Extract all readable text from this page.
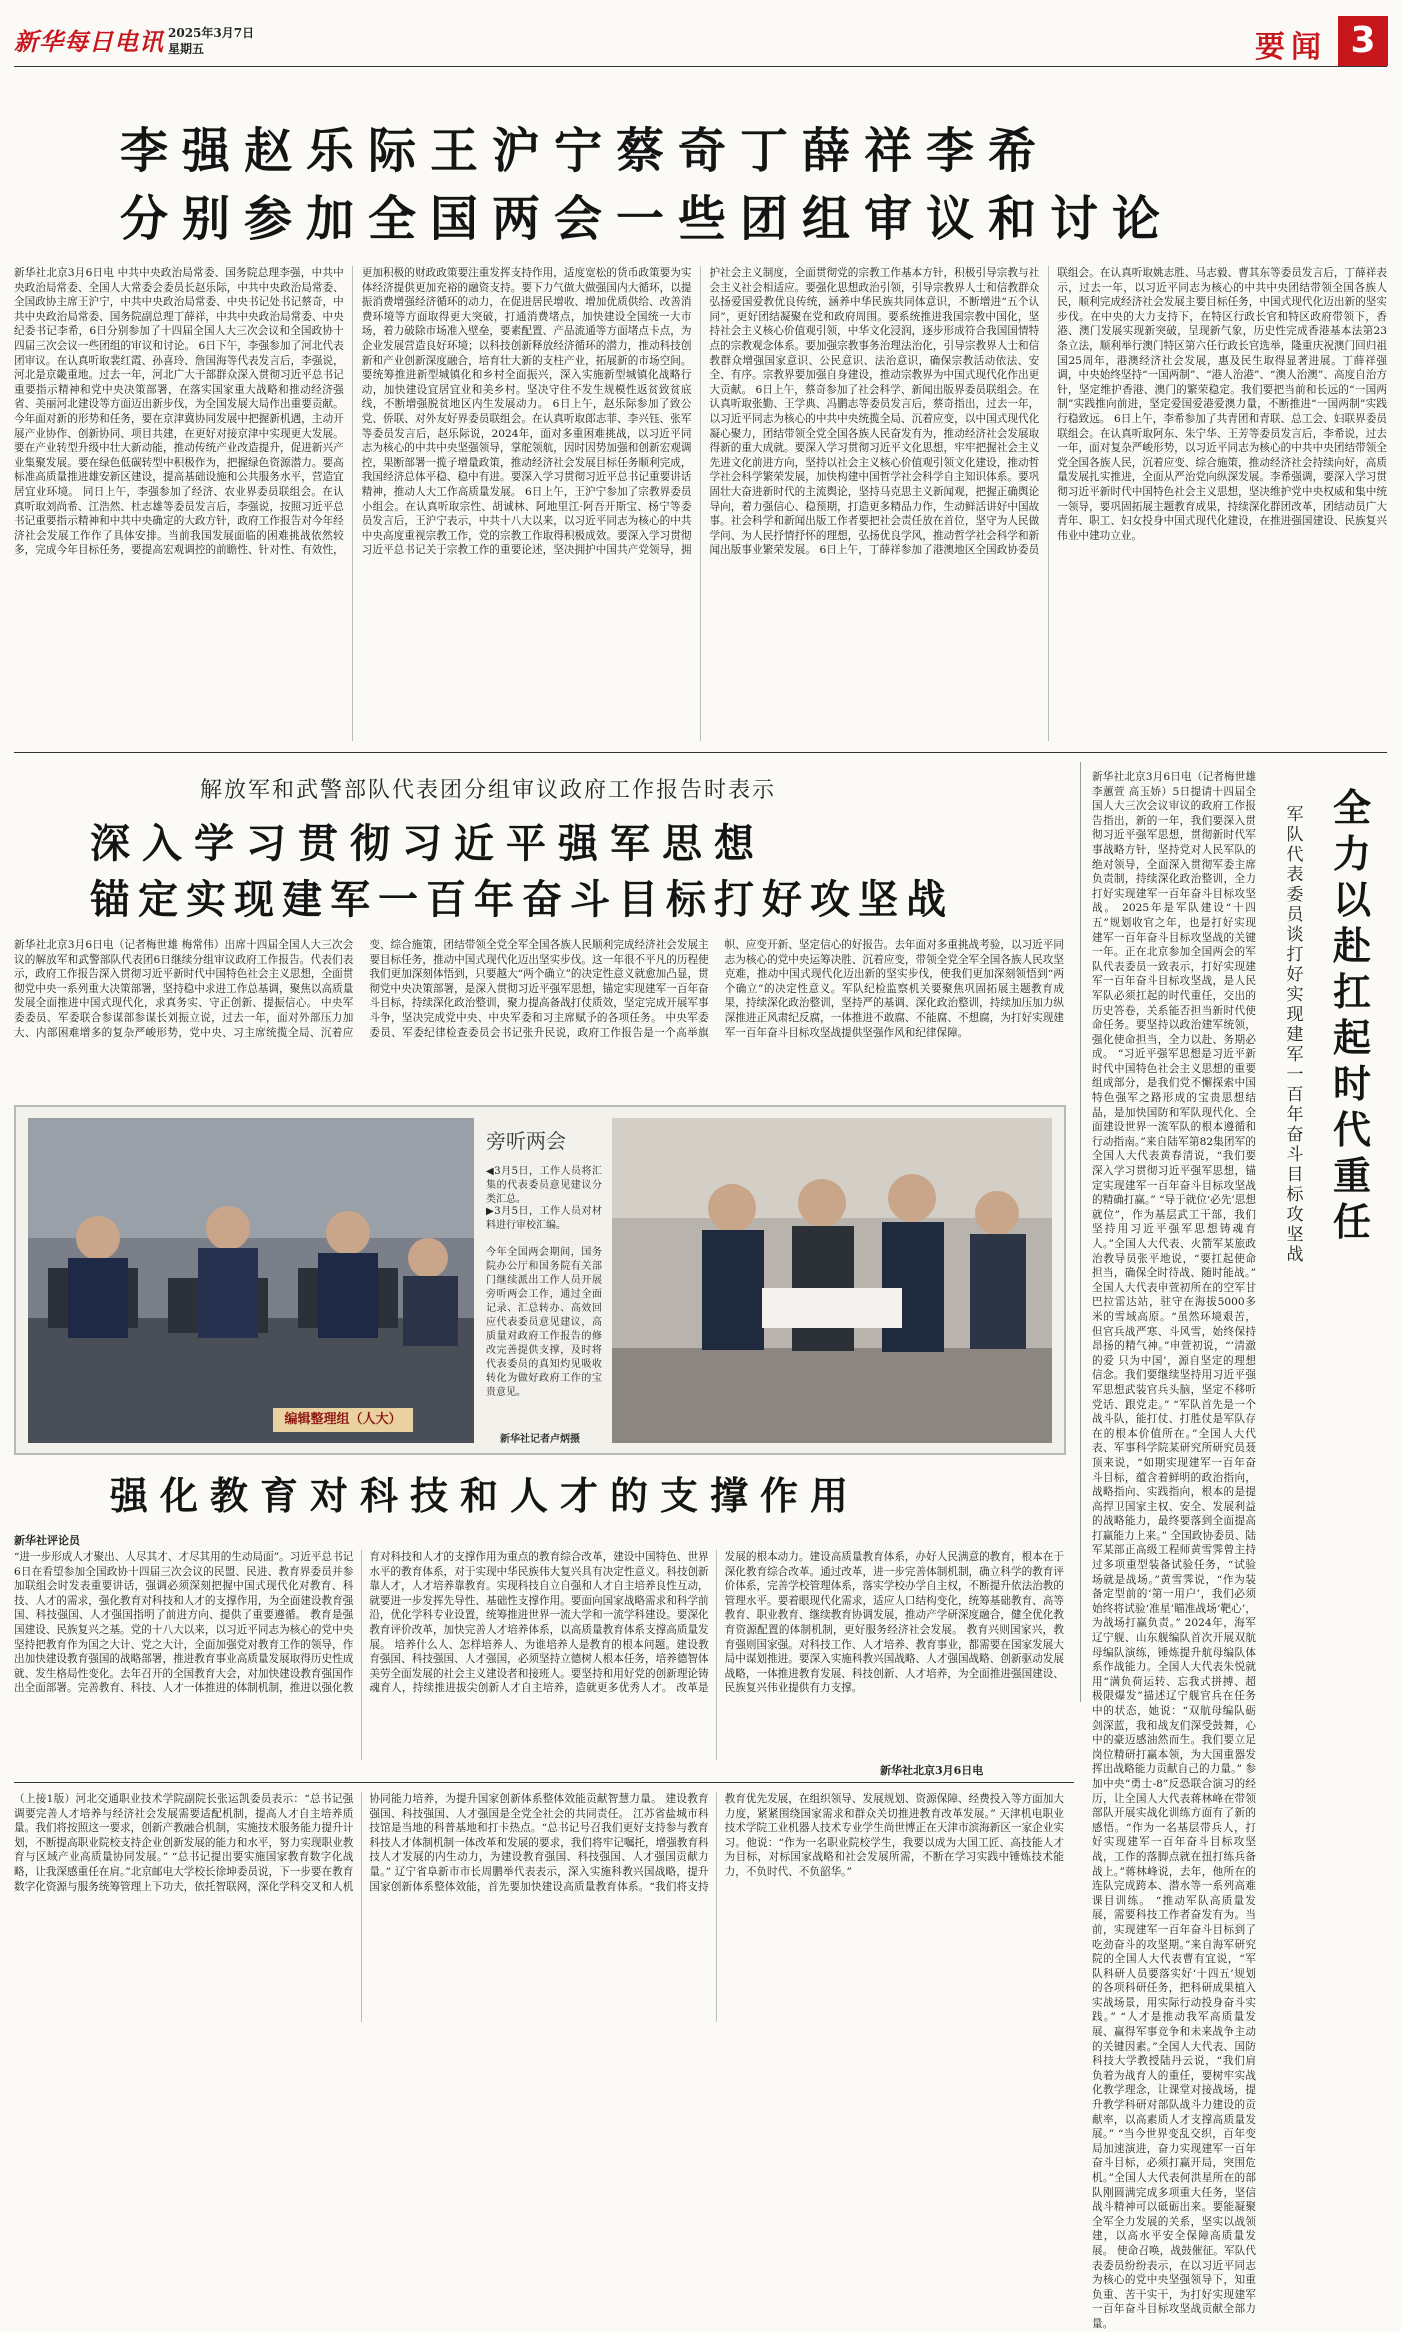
新华每日电讯 2025年3月7日
星期五	要闻 3
李强赵乐际王沪宁蔡奇丁薛祥李希
分别参加全国两会一些团组审议和讨论
新华社北京3月6日电 中共中央政治局常委、国务院总理李强，中共中央政治局常委、全国人大常委会委员长赵乐际，中共中央政治局常委、全国政协主席王沪宁，中共中央政治局常委、中央书记处书记蔡奇，中共中央政治局常委、国务院副总理丁薛祥，中共中央政治局常委、中央纪委书记李希，6日分别参加了十四届全国人大三次会议和全国政协十四届三次会议一些团组的审议和讨论。 6日下午，李强参加了河北代表团审议。在认真听取裴红霞、孙喜玲、詹国海等代表发言后，李强说，河北是京畿重地。过去一年，河北广大干部群众深入贯彻习近平总书记重要指示精神和党中央决策部署，在落实国家重大战略和推动经济强省、美丽河北建设等方面迈出新步伐，为全国发展大局作出重要贡献。今年面对新的形势和任务，要在京津冀协同发展中把握新机遇，主动开展产业协作、创新协同、项目共建，在更好对接京津中实现更大发展。要在产业转型升级中壮大新动能，推动传统产业改造提升，促进新兴产业集聚发展。要在绿色低碳转型中积极作为，把握绿色资源潜力。要高标准高质量推进雄安新区建设，提高基础设施和公共服务水平，营造宜居宜业环境。 同日上午，李强参加了经济、农业界委员联组会。在认真听取刘尚希、江浩然、杜志雄等委员发言后，李强说，按照习近平总书记重要指示精神和中共中央确定的大政方针，政府工作报告对今年经济社会发展工作作了具体安排。当前我国发展面临的困难挑战依然较多，完成今年目标任务，要提高宏观调控的前瞻性、针对性、有效性，更加积极的财政政策要注重发挥支持作用，适度宽松的货币政策要为实体经济提供更加充裕的融资支持。要下力气做大做强国内大循环，以提振消费增强经济循环的动力，在促进居民增收、增加优质供给、改善消费环境等方面取得更大突破，打通消费堵点，加快建设全国统一大市场，着力破除市场准入壁垒，要素配置、产品流通等方面堵点卡点，为企业发展营造良好环境；以科技创新释放经济循环的潜力，推动科技创新和产业创新深度融合，培育壮大新的支柱产业，拓展新的市场空间。要统筹推进新型城镇化和乡村全面振兴，深入实施新型城镇化战略行动，加快建设宜居宜业和美乡村。坚决守住不发生规模性返贫致贫底线，不断增强脱贫地区内生发展动力。 6日上午，赵乐际参加了致公党、侨联、对外友好界委员联组会。在认真听取郎志菲、李兴钰、张军等委员发言后，赵乐际说，2024年，面对多重困难挑战，以习近平同志为核心的中共中央坚强领导，掌舵领航，因时因势加强和创新宏观调控，果断部署一揽子增量政策，推动经济社会发展目标任务顺利完成，我国经济总体平稳、稳中有进。要深入学习贯彻习近平总书记重要讲话精神，推动人大工作高质量发展。 6日上午，王沪宁参加了宗教界委员小组会。在认真听取宗性、胡诚林、阿地里江·阿吾开斯宝、杨宁等委员发言后，王沪宁表示，中共十八大以来，以习近平同志为核心的中共中央高度重视宗教工作，党的宗教工作取得积极成效。要深入学习贯彻习近平总书记关于宗教工作的重要论述，坚决拥护中国共产党领导，拥护社会主义制度，全面贯彻党的宗教工作基本方针，积极引导宗教与社会主义社会相适应。要强化思想政治引领，引导宗教界人士和信教群众弘扬爱国爱教优良传统，涵养中华民族共同体意识，不断增进“五个认同”，更好团结凝聚在党和政府周围。要系统推进我国宗教中国化，坚持社会主义核心价值观引领，中华文化浸润，逐步形成符合我国国情特点的宗教观念体系。要加强宗教事务治理法治化，引导宗教界人士和信教群众增强国家意识、公民意识、法治意识，确保宗教活动依法、安全、有序。宗教界要加强自身建设，推动宗教界为中国式现代化作出更大贡献。 6日上午，蔡奇参加了社会科学、新闻出版界委员联组会。在认真听取张勤、王学典、冯鹏志等委员发言后，蔡奇指出，过去一年，以习近平同志为核心的中共中央统揽全局、沉着应变，以中国式现代化凝心聚力，团结带领全党全国各族人民奋发有为，推动经济社会发展取得新的重大成就。要深入学习贯彻习近平文化思想，牢牢把握社会主义先进文化前进方向，坚持以社会主义核心价值观引领文化建设，推动哲学社会科学繁荣发展，加快构建中国哲学社会科学自主知识体系。要巩固壮大奋进新时代的主流舆论，坚持马克思主义新闻观，把握正确舆论导向，着力强信心、稳预期，打造更多精品力作，生动鲜活讲好中国故事。社会科学和新闻出版工作者要把社会责任放在首位，坚守为人民做学问、为人民抒情抒怀的理想，弘扬优良学风，推动哲学社会科学和新闻出版事业繁荣发展。 6日上午，丁薛祥参加了港澳地区全国政协委员联组会。在认真听取姚志胜、马志毅、曹其东等委员发言后，丁薛祥表示，过去一年，以习近平同志为核心的中共中央团结带领全国各族人民，顺利完成经济社会发展主要目标任务，中国式现代化迈出新的坚实步伐。在中央的大力支持下，在特区行政长官和特区政府带领下，香港、澳门发展实现新突破，呈现新气象，历史性完成香港基本法第23条立法，顺利举行澳门特区第六任行政长官选举，隆重庆祝澳门回归祖国25周年，港澳经济社会发展，惠及民生取得显著进展。丁薛祥强调，中央始终坚持“一国两制”、“港人治港”、“澳人治澳”、高度自治方针，坚定维护香港、澳门的繁荣稳定。我们要把当前和长远的“一国两制”实践推向前进，坚定爱国爱港爱澳力量，不断推进“一国两制”实践行稳致远。 6日上午，李希参加了共青团和青联、总工会、妇联界委员联组会。在认真听取阿东、朱宁华、王芳等委员发言后，李希说，过去一年，面对复杂严峻形势，以习近平同志为核心的中共中央团结带领全党全国各族人民，沉着应变、综合施策，推动经济社会持续向好，高质量发展扎实推进，全面从严治党向纵深发展。李希强调，要深入学习贯彻习近平新时代中国特色社会主义思想，坚决维护党中央权威和集中统一领导，要巩固拓展主题教育成果，持续深化群团改革，团结动员广大青年、职工、妇女投身中国式现代化建设，在推进强国建设、民族复兴伟业中建功立业。
解放军和武警部队代表团分组审议政府工作报告时表示
深入学习贯彻习近平强军思想
锚定实现建军一百年奋斗目标打好攻坚战
新华社北京3月6日电（记者梅世雄 梅常伟）出席十四届全国人大三次会议的解放军和武警部队代表团6日继续分组审议政府工作报告。代表们表示，政府工作报告深入贯彻习近平新时代中国特色社会主义思想，全面贯彻党中央一系列重大决策部署，坚持稳中求进工作总基调，聚焦以高质量发展全面推进中国式现代化，求真务实、守正创新、提振信心。 中央军委委员、军委联合参谋部参谋长刘振立说，过去一年，面对外部压力加大、内部困难增多的复杂严峻形势，党中央、习主席统揽全局、沉着应变、综合施策，团结带领全党全军全国各族人民顺利完成经济社会发展主要目标任务，推动中国式现代化迈出坚实步伐。这一年很不平凡的历程使我们更加深刻体悟到，只要越大“两个确立”的决定性意义就愈加凸显，贯彻党中央决策部署，是深入贯彻习近平强军思想，锚定实现建军一百年奋斗目标，持续深化政治整训，聚力提高备战打仗质效，坚定完成开展军事斗争，坚决完成党中央、中央军委和习主席赋予的各项任务。 中央军委委员、军委纪律检查委员会书记张升民说，政府工作报告是一个高举旗帜、应变开新、坚定信心的好报告。去年面对多重挑战考验，以习近平同志为核心的党中央运筹决胜、沉着应变，带领全党全军全国各族人民攻坚克难，推动中国式现代化迈出新的坚实步伐，使我们更加深刻领悟到“两个确立”的决定性意义。军队纪检监察机关要聚焦巩固拓展主题教育成果，持续深化政治整训，坚持严的基调、深化政治整训，持续加压加力纵深推进正风肃纪反腐，一体推进不敢腐、不能腐、不想腐，为打好实现建军一百年奋斗目标攻坚战提供坚强作风和纪律保障。
新华社北京3月6日电（记者梅世雄 李蕙萱 高玉娇）5日提请十四届全国人大三次会议审议的政府工作报告指出，新的一年，我们要深入贯彻习近平强军思想，贯彻新时代军事战略方针，坚持党对人民军队的绝对领导，全面深入贯彻军委主席负责制，持续深化政治整训，全力打好实现建军一百年奋斗目标攻坚战。 2025年是军队建设“十四五”规划收官之年，也是打好实现建军一百年奋斗目标攻坚战的关键一年。正在北京参加全国两会的军队代表委员一致表示，打好实现建军一百年奋斗目标攻坚战，是人民军队必须扛起的时代重任，交出的历史答卷，关系能否担当新时代使命任务。要坚持以政治建军统领，强化使命担当，全力以赴、务期必成。 “习近平强军思想是习近平新时代中国特色社会主义思想的重要组成部分，是我们党不懈探索中国特色强军之路形成的宝贵思想结晶，是加快国防和军队现代化、全面建设世界一流军队的根本遵循和行动指南。”来自陆军第82集团军的全国人大代表黄春清说，“我们要深入学习贯彻习近平强军思想，锚定实现建军一百年奋斗目标攻坚战的精确打赢。” “导于就位‘必先’思想就位”，作为基层武工干部，我们坚持用习近平强军思想铸魂育人。”全国人大代表、火箭军某旅政治教导员张平地说，“要扛起使命担当，确保全时待战、随时能战。” 全国人大代表申萱初所在的空军甘巴拉雷达站，驻守在海拔5000多米的雪域高原。“虽然环境艰苦，但官兵战严寒、斗风雪，始终保持昂扬的精气神。”申萱初说，“‘清澈的爱 只为中国’，源自坚定的理想信念。我们要继续坚持用习近平强军思想武装官兵头脑，坚定不移听党话、跟党走。” “军队首先是一个战斗队，能打仗、打胜仗是军队存在的根本价值所在。”全国人大代表、军事科学院某研究所研究员聂顶来说，“如期实现建军一百年奋斗目标，蕴含着鲜明的政治指向，战略指向、实践指向，根本的是提高捍卫国家主权、安全、发展利益的战略能力，最终要落到全面提高打赢能力上来。” 全国政协委员、陆军某部正高级工程师黄雪霁曾主持过多项重型装备试验任务，“试验场就是战场。”黄雪霁说，“作为装备定型前的‘第一用户’，我们必须始终将试验‘准星’瞄准战场‘靶心’，为战场打赢负责。” 2024年，海军辽宁舰、山东舰编队首次开展双航母编队演练，锤炼提升航母编队体系作战能力。全国人大代表朱悦就用“满负荷运转、忘我式拼搏、超极限爆发”描述辽宁舰官兵在任务中的状态，她说：“双航母编队砺剑深蓝，我和战友们深受鼓舞，心中的豪迈感油然而生。我们要立足岗位精研打赢本领，为大国重器发挥出战略能力贡献自己的力量。” 参加中央“勇士-8”反恐联合演习的经历，让全国人大代表蒋林峰在带领部队开展实战化训练方面有了新的感悟。“作为一名基层带兵人，打好实现建军一百年奋斗目标攻坚战，工作的落脚点就在扭打练兵备战上。”蒋林峰说，去年，他所在的连队完成跨本、潜水等一系列高难课目训练。 “推动军队高质量发展，需要科技工作者奋发有为。当前，实现建军一百年奋斗目标到了吃劲奋斗的攻坚期。”来自海军研究院的全国人大代表曹有宜说，“军队科研人员要落实好‘十四五’规划的各项科研任务，把科研成果植入实战场景，用实际行动投身奋斗实践。” “人才是推动我军高质量发展、赢得军事竞争和未来战争主动的关键因素。”全国人大代表、国防科技大学教授陆丹云说，“我们肩负着为战育人的重任，要树牢实战化教学理念，让课堂对接战场，提升教学科研对部队战斗力建设的贡献率，以高素质人才支撑高质量发展。” “当今世界变乱交织，百年变局加速演进，奋力实现建军一百年奋斗目标，必须打赢开局，突围危机。”全国人大代表何洪星所在的部队刚圆满完成多项重大任务，坚信战斗精神可以砥砺出来。要能凝聚全军全力发展的关系，坚实以战领建，以高水平安全保障高质量发展。 使命召唤，战鼓催征。军队代表委员纷纷表示，在以习近平同志为核心的党中央坚强领导下，知重负重、苦干实干，为打好实现建军一百年奋斗目标攻坚战贡献全部力量。
全力以赴扛起时代重任
军队代表委员谈打好实现建军一百年奋斗目标攻坚战
编辑整理组（人大）
旁听两会
◀3月5日，工作人员将汇集的代表委员意见建议分类汇总。
▶3月5日，工作人员对材料进行审校汇编。
今年全国两会期间，国务院办公厅和国务院有关部门继续派出工作人员开展旁听两会工作，通过全面记录、汇总转办、高效回应代表委员意见建议，高质量对政府工作报告的修改完善提供支撑，及时将代表委员的真知灼见吸收转化为做好政府工作的宝贵意见。
新华社记者卢炳摄
强化教育对科技和人才的支撑作用
新华社评论员
“进一步形成人才聚出、人尽其才、才尽其用的生动局面”。习近平总书记6日在看望参加全国政协十四届三次会议的民盟、民进、教育界委员并参加联组会时发表重要讲话，强调必须深刻把握中国式现代化对教育、科技、人才的需求，强化教育对科技和人才的支撑作用，为全面建设教育强国、科技强国、人才强国指明了前进方向、提供了重要遵循。 教育是强国建设、民族复兴之基。党的十八大以来，以习近平同志为核心的党中央坚持把教育作为国之大计、党之大计，全面加强党对教育工作的领导，作出加快建设教育强国的战略部署，推进教育事业高质量发展取得历史性成就、发生格局性变化。去年召开的全国教育大会，对加快建设教育强国作出全面部署。完善教育、科技、人才一体推进的体制机制，推进以强化教育对科技和人才的支撑作用为重点的教育综合改革，建设中国特色、世界水平的教育体系，对于实现中华民族伟大复兴具有决定性意义。科技创新靠人才，人才培养靠教育。实现科技自立自强和人才自主培养良性互动，就要进一步发挥先导性、基础性支撑作用。要面向国家战略需求和科学前沿，优化学科专业设置，统筹推进世界一流大学和一流学科建设。要深化教育评价改革，加快完善人才培养体系，以高质量教育体系支撑高质量发展。 培养什么人、怎样培养人、为谁培养人是教育的根本问题。建设教育强国、科技强国、人才强国，必须坚持立德树人根本任务，培养德智体美劳全面发展的社会主义建设者和接班人。要坚持和用好党的创新理论铸魂育人，持续推进拔尖创新人才自主培养，造就更多优秀人才。 改革是发展的根本动力。建设高质量教育体系，办好人民满意的教育，根本在于深化教育综合改革。通过改革，进一步完善体制机制，确立科学的教育评价体系，完善学校管理体系，落实学校办学自主权，不断提升依法治教的管理水平。要着眼现代化需求，适应人口结构变化，统筹基础教育、高等教育、职业教育、继续教育协调发展，推动产学研深度融合，健全优化教育资源配置的体制机制，更好服务经济社会发展。 教育兴则国家兴，教育强则国家强。对科技工作、人才培养、教育事业，都需要在国家发展大局中谋划推进。要深入实施科教兴国战略、人才强国战略、创新驱动发展战略，一体推进教育发展、科技创新、人才培养，为全面推进强国建设、民族复兴伟业提供有力支撑。
新华社北京3月6日电
（上接1版）河北交通职业技术学院副院长张运凯委员表示：“总书记强调要完善人才培养与经济社会发展需要适配机制，提高人才自主培养质量。我们将按照这一要求，创新产教融合机制，实施技术服务能力提升计划，不断提高职业院校支持企业创新发展的能力和水平，努力实现职业教育与区域产业高质量协同发展。” “总书记提出要实施国家教育数字化战略，让我深感重任在肩。”北京邮电大学校长徐坤委员说，下一步要在教育数字化资源与服务统筹管理上下功夫，依托智联网，深化学科交叉和人机协同能力培养，为提升国家创新体系整体效能贡献智慧力量。 建设教育强国、科技强国、人才强国是全党全社会的共同责任。 江苏省盐城市科技馆是当地的科普基地和打卡热点。“总书记号召我们更好支持参与教育科技人才体制机制一体改革和发展的要求，我们将牢记嘱托，增强教育科技人才发展的内生动力，为建设教育强国、科技强国、人才强国贡献力量。” 辽宁省阜新市市长周鹏举代表表示，深入实施科教兴国战略，提升国家创新体系整体效能，首先要加快建设高质量教育体系。“我们将支持教育优先发展，在组织领导、发展规划、资源保障、经费投入等方面加大力度，紧紧围绕国家需求和群众关切推进教育改革发展。” 天津机电职业技术学院工业机器人技术专业学生尚世博正在天津市滨海新区一家企业实习。他说：“作为一名职业院校学生，我要以成为大国工匠、高技能人才为目标，对标国家战略和社会发展所需，不断在学习实践中锤炼技术能力，不负时代、不负韶华。”
